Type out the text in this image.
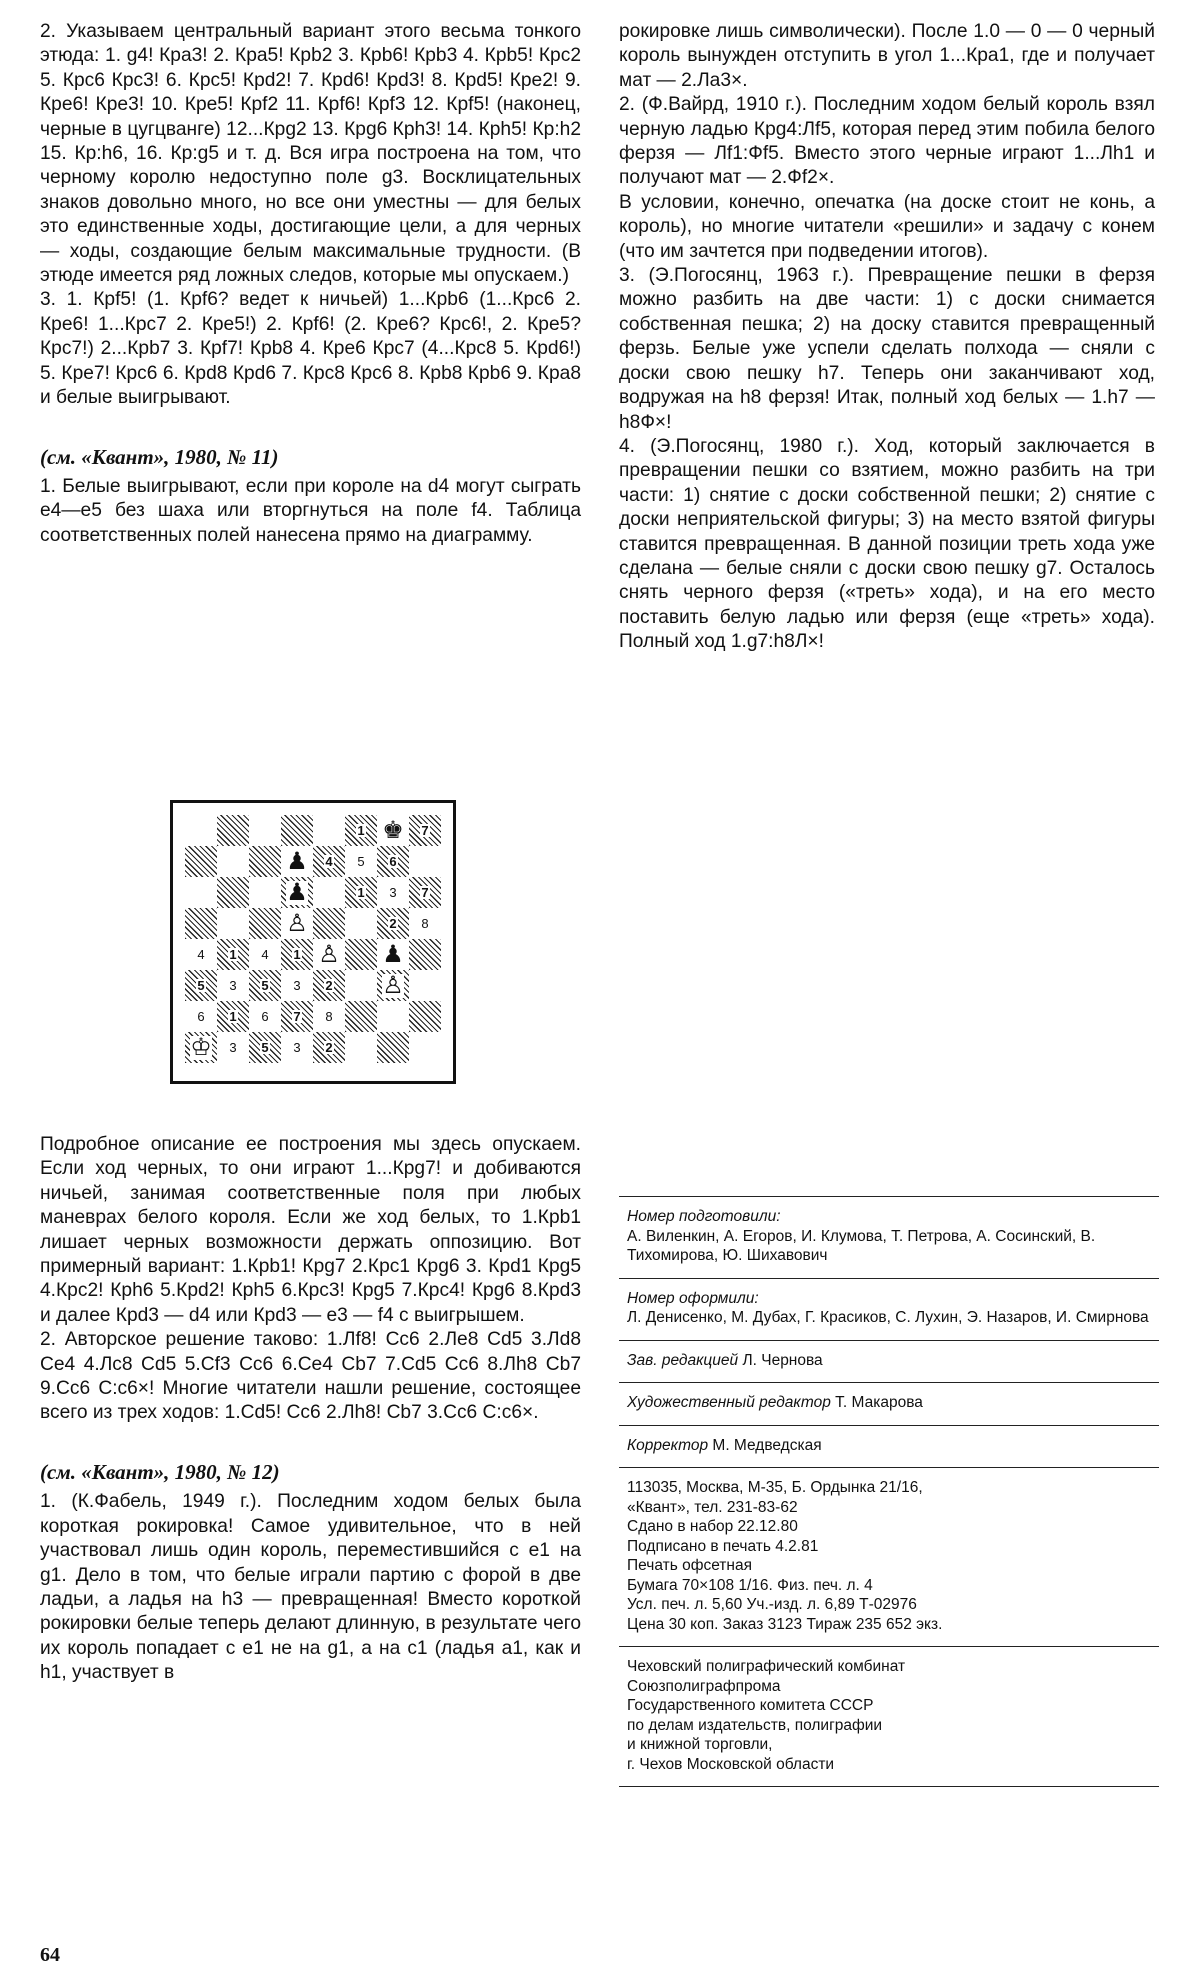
2. Указываем центральный вариант этого весьма тонкого этюда: 1. g4! Кра3! 2. Кра5! Крb2 3. Крb6! Крb3 4. Крb5! Крс2 5. Крс6 Крс3! 6. Крс5! Крd2! 7. Крd6! Крd3! 8. Крd5! Кре2! 9. Кре6! Кре3! 10. Кре5! Крf2 11. Крf6! Крf3 12. Крf5! (наконец, черные в цугцванге) 12...Крg2 13. Крg6 Крh3! 14. Крh5! Кр:h2 15. Кр:h6, 16. Кр:g5 и т. д. Вся игра построена на том, что черному королю недоступно поле g3. Восклицательных знаков довольно много, но все они уместны — для белых это единственные ходы, достигающие цели, а для черных — ходы, создающие белым максимальные трудности. (В этюде имеется ряд ложных следов, которые мы опускаем.)

3. 1. Крf5! (1. Крf6? ведет к ничьей) 1...Крb6 (1...Крс6 2. Кре6! 1...Крс7 2. Кре5!) 2. Крf6! (2. Кре6? Крс6!, 2. Кре5? Крс7!) 2...Крb7 3. Крf7! Крb8 4. Кре6 Крс7 (4...Крс8 5. Крd6!) 5. Кре7! Крс6 6. Крd8 Крd6 7. Крс8 Крс6 8. Крb8 Крb6 9. Кра8 и белые выигрывают.

(см. «Квант», 1980, № 11)

1. Белые выигрывают, если при короле на d4 могут сыграть e4—e5 без шаха или вторгнуться на поле f4. Таблица соответственных полей нанесена прямо на диаграмму.

1 ♚ 7
♟ 4 5 6
♟	1 3 7
♙	2 8
4 1 4 1 ♙ ♟
5 3 5 3 2 ♙
6 1 6 7 8
♔ 3 5 3 2

Подробное описание ее построения мы здесь опускаем. Если ход черных, то они играют 1...Крg7! и добиваются ничьей, занимая соответственные поля при любых маневрах белого короля. Если же ход белых, то 1.Крb1 лишает черных возможности держать оппозицию. Вот примерный вариант: 1.Крb1! Крg7 2.Крс1 Крg6 3. Крd1 Крg5 4.Крс2! Крh6 5.Крd2! Крh5 6.Крс3! Крg5 7.Крс4! Крg6 8.Крd3 и далее Крd3 — d4 или Крd3 — e3 — f4 с выигрышем.

2. Авторское решение таково: 1.Лf8! Сс6 2.Ле8 Сd5 3.Лd8 Се4 4.Лс8 Сd5 5.Сf3 Сс6 6.Се4 Сb7 7.Сd5 Сс6 8.Лh8 Сb7 9.Сс6 С:с6×! Многие читатели нашли решение, состоящее всего из трех ходов: 1.Сd5! Сс6 2.Лh8! Сb7 3.Сс6 С:с6×.

(см. «Квант», 1980, № 12)

1. (К.Фабель, 1949 г.). Последним ходом белых была короткая рокировка! Самое удивительное, что в ней участвовал лишь один король, переместившийся с e1 на g1. Дело в том, что белые играли партию с форой в две ладьи, а ладья на h3 — превращенная! Вместо короткой рокировки белые теперь делают длинную, в результате чего их король попадает с e1 не на g1, а на c1 (ладья a1, как и h1, участвует в

рокировке лишь символически). После 1.0 — 0 — 0 черный король вынужден отступить в угол 1...Кра1, где и получает мат — 2.Ла3×.

2. (Ф.Вайрд, 1910 г.). Последним ходом белый король взял черную ладью Крg4:Лf5, которая перед этим побила белого ферзя — Лf1:Фf5. Вместо этого черные играют 1...Лh1 и получают мат — 2.Фf2×.

В условии, конечно, опечатка (на доске стоит не конь, а король), но многие читатели «решили» и задачу с конем (что им зачтется при подведении итогов).

3. (Э.Погосянц, 1963 г.). Превращение пешки в ферзя можно разбить на две части: 1) с доски снимается собственная пешка; 2) на доску ставится превращенный ферзь. Белые уже успели сделать полхода — сняли с доски свою пешку h7. Теперь они заканчивают ход, водружая на h8 ферзя! Итак, полный ход белых — 1.h7 — h8Ф×!

4. (Э.Погосянц, 1980 г.). Ход, который заключается в превращении пешки со взятием, можно разбить на три части: 1) снятие с доски собственной пешки; 2) снятие с доски неприятельской фигуры; 3) на место взятой фигуры ставится превращенная. В данной позиции треть хода уже сделана — белые сняли с доски свою пешку g7. Осталось снять черного ферзя («треть» хода), и на его место поставить белую ладью или ферзя (еще «треть» хода). Полный ход 1.g7:h8Л×!

Номер подготовили:
А. Виленкин, А. Егоров, И. Клумова, Т. Петрова, А. Сосинский, В. Тихомирова, Ю. Шихавович
Номер оформили:
Л. Денисенко, М. Дубах, Г. Красиков, С. Лухин, Э. Назаров, И. Смирнова
Зав. редакцией Л. Чернова
Художественный редактор Т. Макарова
Корректор М. Медведская
113035, Москва, М-35, Б. Ордынка 21/16,
«Квант», тел. 231-83-62
Сдано в набор 22.12.80
Подписано в печать 4.2.81
Печать офсетная
Бумага 70×108 1/16. Физ. печ. л. 4
Усл. печ. л. 5,60 Уч.-изд. л. 6,89 Т-02976
Цена 30 коп. Заказ 3123 Тираж 235 652 экз.
Чеховский полиграфический комбинат
Союзполиграфпрома
Государственного комитета СССР
по делам издательств, полиграфии
и книжной торговли,
г. Чехов Московской области
64
